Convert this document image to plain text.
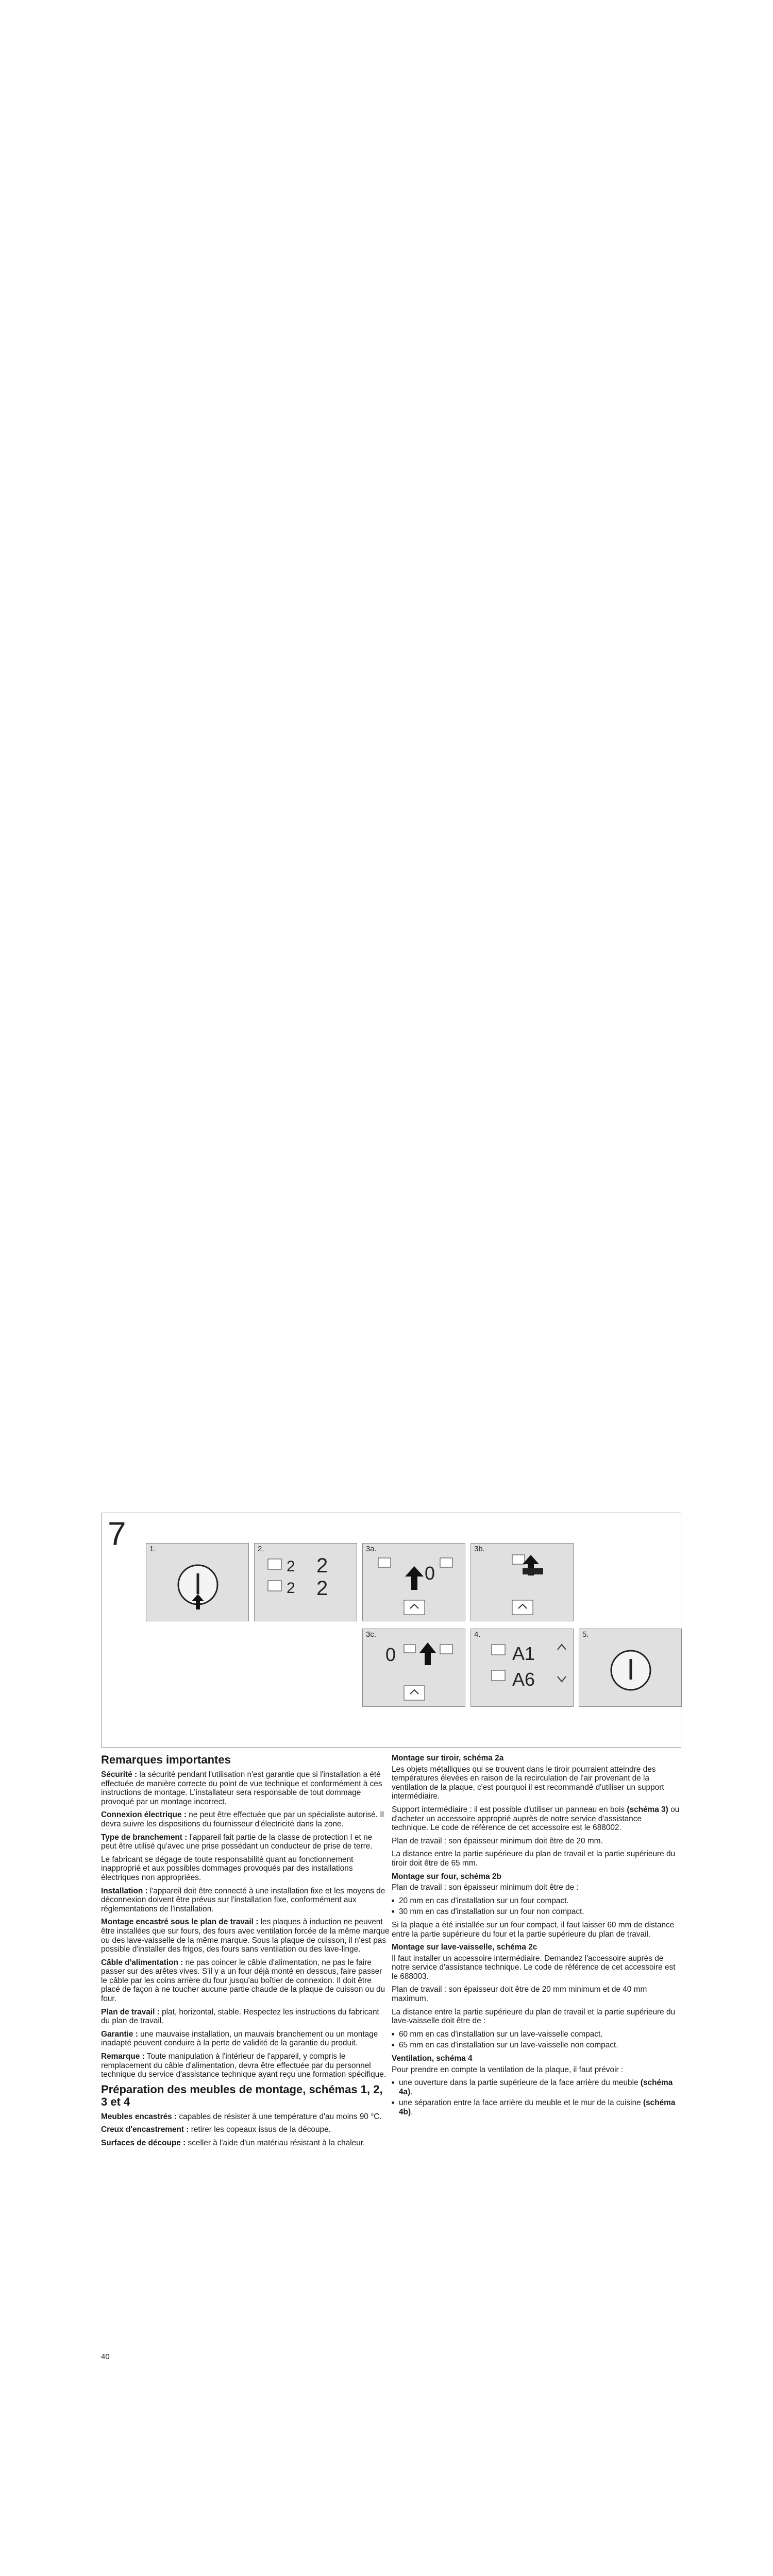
7	1.	2.
2
2
2
2
3a.
0
3b.
3c.
0
4.
A1
A6
5.
Remarques importantes

Sécurité : la sécurité pendant l'utilisation n'est garantie que si l'installation a été effectuée de manière correcte du point de vue technique et conformément à ces instructions de montage. L'installateur sera responsable de tout dommage provoqué par un montage incorrect.

Connexion électrique : ne peut être effectuée que par un spécialiste autorisé. Il devra suivre les dispositions du fournisseur d'électricité dans la zone.

Type de branchement : l'appareil fait partie de la classe de protection I et ne peut être utilisé qu'avec une prise possédant un conducteur de prise de terre.

Le fabricant se dégage de toute responsabilité quant au fonctionnement inapproprié et aux possibles dommages provoqués par des installations électriques non appropriées.

Installation : l'appareil doit être connecté à une installation fixe et les moyens de déconnexion doivent être prévus sur l'installation fixe, conformément aux réglementations de l'installation.

Montage encastré sous le plan de travail : les plaques à induction ne peuvent être installées que sur fours, des fours avec ventilation forcée de la même marque ou des lave-vaisselle de la même marque. Sous la plaque de cuisson, il n'est pas possible d'installer des frigos, des fours sans ventilation ou des lave-linge.

Câble d'alimentation : ne pas coincer le câble d'alimentation, ne pas le faire passer sur des arêtes vives. S'il y a un four déjà monté en dessous, faire passer le câble par les coins arrière du four jusqu'au boîtier de connexion. Il doit être placé de façon à ne toucher aucune partie chaude de la plaque de cuisson ou du four.

Plan de travail : plat, horizontal, stable. Respectez les instructions du fabricant du plan de travail.

Garantie : une mauvaise installation, un mauvais branchement ou un montage inadapté peuvent conduire à la perte de validité de la garantie du produit.

Remarque : Toute manipulation à l'intérieur de l'appareil, y compris le remplacement du câble d'alimentation, devra être effectuée par du personnel technique du service d'assistance technique ayant reçu une formation spécifique.

Préparation des meubles de montage, schémas 1, 2, 3 et 4

Meubles encastrés : capables de résister à une température d'au moins 90 °C.

Creux d'encastrement : retirer les copeaux issus de la découpe.

Surfaces de découpe : sceller à l'aide d'un matériau résistant à la chaleur.

Montage sur tiroir, schéma 2a

Les objets métalliques qui se trouvent dans le tiroir pourraient atteindre des températures élevées en raison de la recirculation de l'air provenant de la ventilation de la plaque, c'est pourquoi il est recommandé d'utiliser un support intermédiaire.

Support intermédiaire : il est possible d'utiliser un panneau en bois (schéma 3) ou d'acheter un accessoire approprié auprès de notre service d'assistance technique. Le code de référence de cet accessoire est le 688002.

Plan de travail : son épaisseur minimum doit être de 20 mm.

La distance entre la partie supérieure du plan de travail et la partie supérieure du tiroir doit être de 65 mm.

Montage sur four, schéma 2b

Plan de travail : son épaisseur minimum doit être de :

■ 20 mm en cas d'installation sur un four compact.
■ 30 mm en cas d'installation sur un four non compact.

Si la plaque a été installée sur un four compact, il faut laisser 60 mm de distance entre la partie supérieure du four et la partie supérieure du plan de travail.

Montage sur lave-vaisselle, schéma 2c

Il faut installer un accessoire intermédiaire. Demandez l'accessoire auprès de notre service d'assistance technique. Le code de référence de cet accessoire est le 688003.

Plan de travail : son épaisseur doit être de 20 mm minimum et de 40 mm maximum.

La distance entre la partie supérieure du plan de travail et la partie supérieure du lave-vaisselle doit être de :

■ 60 mm en cas d'installation sur un lave-vaisselle compact.
■ 65 mm en cas d'installation sur un lave-vaisselle non compact.
Ventilation, schéma 4

Pour prendre en compte la ventilation de la plaque, il faut prévoir :

■ une ouverture dans la partie supérieure de la face arrière du meuble (schéma 4a).
■ une séparation entre la face arrière du meuble et le mur de la cuisine (schéma 4b).
40
